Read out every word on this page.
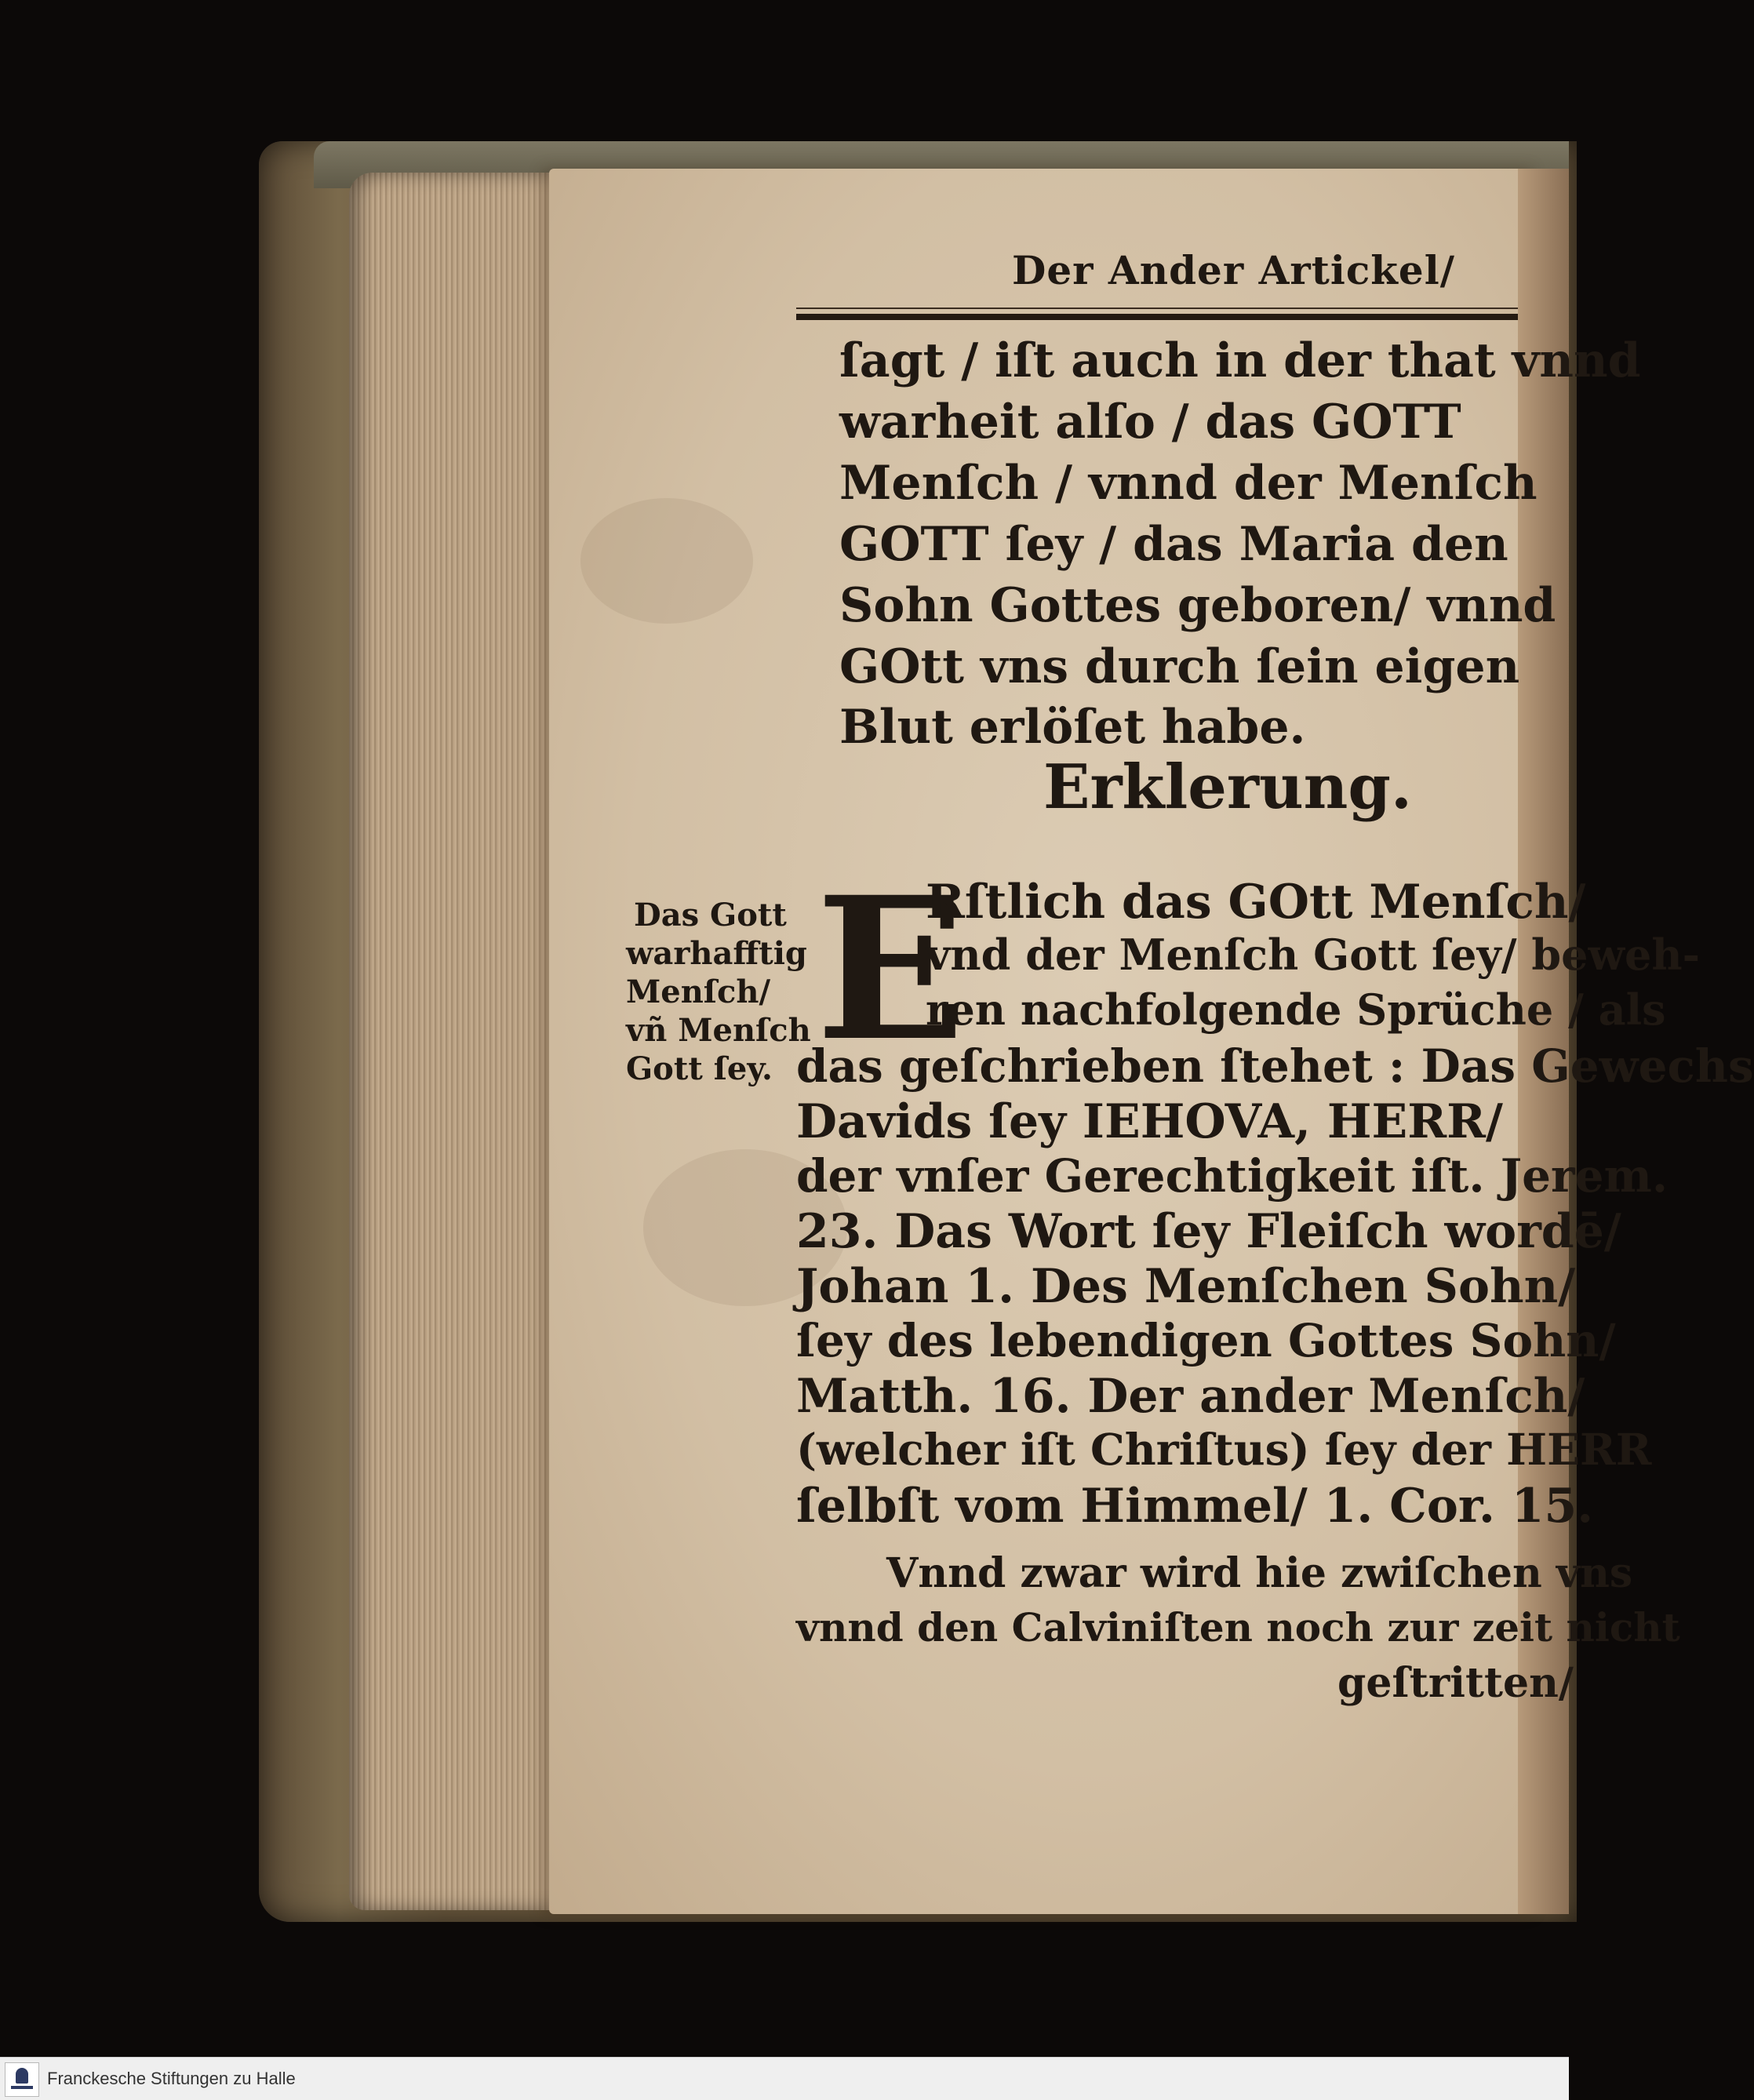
Der Ander Artickel/
ſagt / iſt auch in der that vnnd
warheit alſo / das GOTT
Menſch / vnnd der Menſch
GOTT ſey / das Maria den
Sohn Gottes geboren/ vnnd
GOtt vns durch ſein eigen
Blut erlöſet habe.
Erklerung.
E
Das Gott
warhafftig
Menſch/
vñ Menſch
Gott ſey.
Rſtlich das GOtt Menſch/
vnd der Menſch Gott ſey/ beweh-
ren nachfolgende Sprüche / als
das geſchrieben ſtehet : Das Gewechs
Davids ſey IEHOVA, HERR/
der vnſer Gerechtigkeit iſt. Jerem.
23. Das Wort ſey Fleiſch wordē/
Johan 1. Des Menſchen Sohn/
ſey des lebendigen Gottes Sohn/
Matth. 16. Der ander Menſch/
(welcher iſt Chriſtus) ſey der HERR
ſelbſt vom Himmel/ 1. Cor. 15.
Vnnd zwar wird hie zwiſchen vns
vnnd den Calviniſten noch zur zeit nicht
geſtritten/
Franckesche Stiftungen zu Halle
